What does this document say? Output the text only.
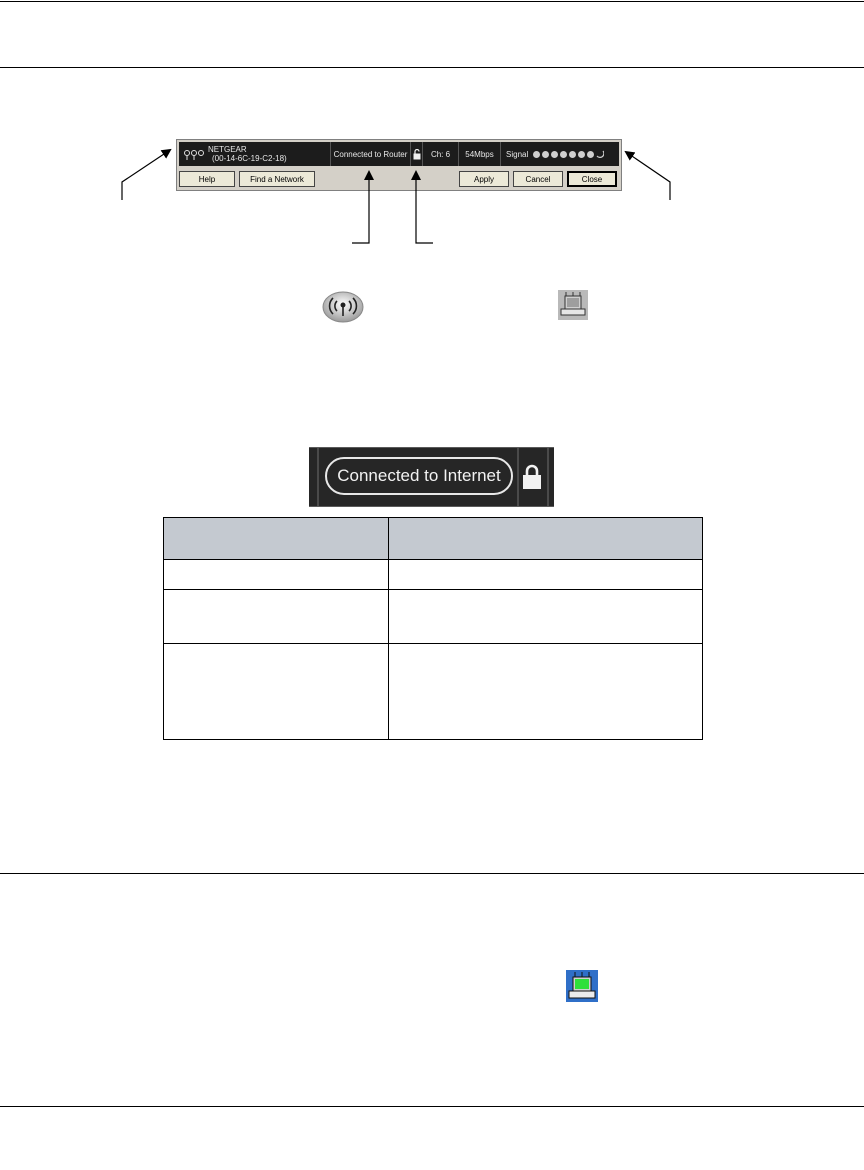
NETGEAR
(00-14-6C-19-C2-18)	Connected to Router	Ch: 6	54Mbps	Signal
Help	Find a Network	Apply	Cancel	Close
Connected to Internet
